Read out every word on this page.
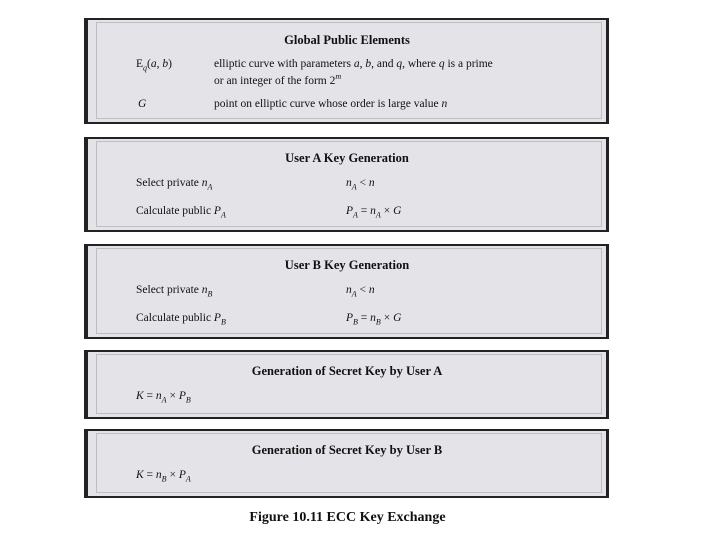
Global Public Elements
$E_q(a$, b)	elliptic curve with parameters a, b, and q, where q is a prime
or an integer of the form 2$^m$
G	point on elliptic curve whose order is large value n
User A Key Generation
Select private $n_A$	$n_A < n$
Calculate public $P_A$	$P_A = n_A \times G$
User B Key Generation
Select private $n_B$	$n_A < n$
Calculate public $P_B$	$P_B = n_B \times G$
Generation of Secret Key by User A
$K = n_A \times P_B$
Generation of Secret Key by User B
$K = n_B \times P_A$
Figure 10.11 ECC Key Exchange
